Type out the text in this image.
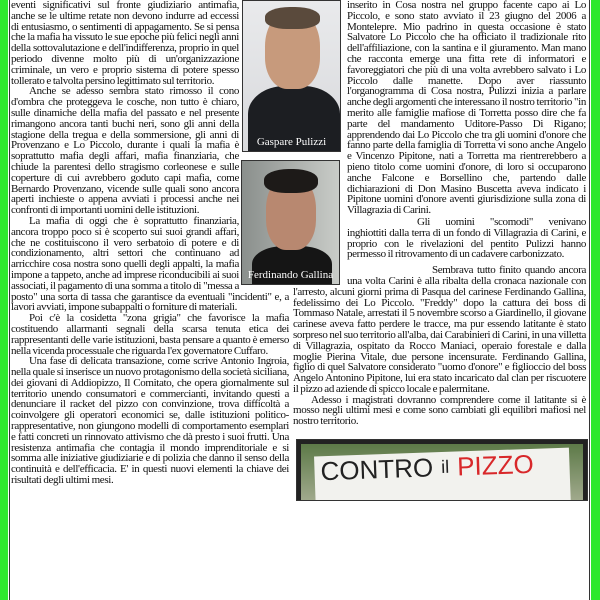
eventi significativi sul fronte giudiziario antimafia, anche se le ultime retate non devono indurre ad eccessi di entusiasmo, o sentimenti di appagamento. Se si pensa che la mafia ha vissuto le sue epoche più felici negli anni della sottovalutazione e dell'indifferenza, proprio in quel periodo divenne molto più di un'organizzazione criminale, un vero e proprio sistema di potere spesso tollerato e talvolta persino legittimato sul territorio.

Anche se adesso sembra stato rimosso il cono d'ombra che proteggeva le cosche, non tutto è chiaro, sulle dinamiche della mafia del passato e nel presente rimangono ancora tanti buchi neri, sono gli anni della stagione della tregua e della sommersione, gli anni di Provenzano e Lo Piccolo, durante i quali la mafia è soprattutto mafia degli affari, mafia finanziaria, che chiude la parentesi dello stragismo corleonese e sulle coperture di cui avrebbero goduto capi mafia, come Bernardo Provenzano, vicende sulle quali sono ancora aperti inchieste o appena avviati i processi anche nei confronti di importanti uomini delle istituzioni.

La mafia di oggi che è soprattutto finanziaria, ancora troppo poco si è scoperto sui suoi grandi affari, che ne costituiscono il vero serbatoio di potere e di condizionamento, altri settori che continuano ad arricchire cosa nostra sono quelli degli appalti, la mafia impone a tappeto, anche ad imprese riconducibili ai suoi associati, il pagamento di una somma a titolo di "messa a posto" una sorta di tassa che garantisce da eventuali "incidenti" e, a lavori avviati, impone subappalti o forniture di materiali.

Poi c'è la cosidetta "zona grigia" che favorisce la mafia costituendo allarmanti segnali della scarsa tenuta etica dei rappresentanti delle varie istituzioni, basta pensare a quanto è emerso nella vicenda processuale che riguarda l'ex governatore Cuffaro.

Una fase di delicata transazione, come scrive Antonio Ingroia, nella quale si inserisce un nuovo protagonismo della società siciliana, dei giovani di Addiopizzo, Il Comitato, che opera giornalmente sul territorio unendo consumatori e commercianti, invitando questi a denunciare il racket del pizzo con convinzione, trova difficoltà a coinvolgere gli operatori economici se, dalle istituzioni politico-rappresentative, non giungono modelli di comportamento esemplari e fatti concreti un rinnovato attivismo che dà presto i suoi frutti. Una resistenza antimafia che contagia il mondo imprenditoriale e si somma alle iniziative giudiziarie e di polizia che danno il senso della continuità e dell'efficacia. E' in questi nuovi elementi la chiave dei risultati degli ultimi mesi.

inserito in Cosa nostra nel gruppo facente capo ai Lo Piccolo, e sono stato avviato il 23 giugno del 2006 a Montelepre. Mio padrino in questa occasione è stato Salvatore Lo Piccolo che ha officiato il tradizionale rito dell'affiliazione, con la santina e il giuramento. Man mano che racconta emerge una fitta rete di informatori e favoreggiatori che più di una volta avrebbero salvato i Lo Piccolo dalle manette. Dopo aver riassunto l'organogramma di Cosa nostra, Pulizzi inizia a parlare anche degli argomenti che interessano il nostro territorio "in merito alle famiglie mafiose di Torretta posso dire che fa parte del mandamento Uditore-Passo Di Rigano; apprendendo dai Lo Piccolo che tra gli uomini d'onore che fanno parte della famiglia di Torretta vi sono anche Angelo e Vincenzo Pipitone, nati a Torretta ma rientrerebbero a pieno titolo come uomini d'onore, di loro si occuparono anche Falcone e Borsellino che, partendo dalle dichiarazioni di Don Masino Buscetta aveva indicato i Pipitone uomini d'onore aventi giurisdizione sulla zona di Villagrazia di Carini.

Gli uomini "scomodi" venivano inghiottiti dalla terra di un fondo di Villagrazia di Carini, e proprio con le rivelazioni del pentito Pulizzi hanno permesso il ritrovamento di un cadavere carbonizzato.

Sembrava tutto finito quando ancora una volta Carini è alla ribalta della cronaca nazionale con l'arresto, alcuni giorni prima di Pasqua del carinese Ferdinando Gallina, fedelissimo dei Lo Piccolo. "Freddy" dopo la cattura dei boss di Tommaso Natale, arrestati il 5 novembre scorso a Giardinello, il giovane carinese aveva fatto perdere le tracce, ma pur essendo latitante è stato sorpreso nel suo territorio all'alba, dai Carabinieri di Carini, in una villetta di Villagrazia, ospitato da Rocco Maniaci, operaio forestale e dalla moglie Pierina Vitale, due persone incensurate. Ferdinando Gallina, figlio di quel Salvatore considerato "uomo d'onore" e figlioccio del boss Angelo Antonino Pipitone, lui era stato incaricato dal clan per riscuotere il pizzo ad aziende di spicco locale e palermitane.

Adesso i magistrati dovranno comprendere come il latitante si è mosso negli ultimi mesi e come sono cambiati gli equilibri mafiosi nel nostro territorio.

CONTRO il PIZZO
Gaspare Pulizzi
Ferdinando Gallina
